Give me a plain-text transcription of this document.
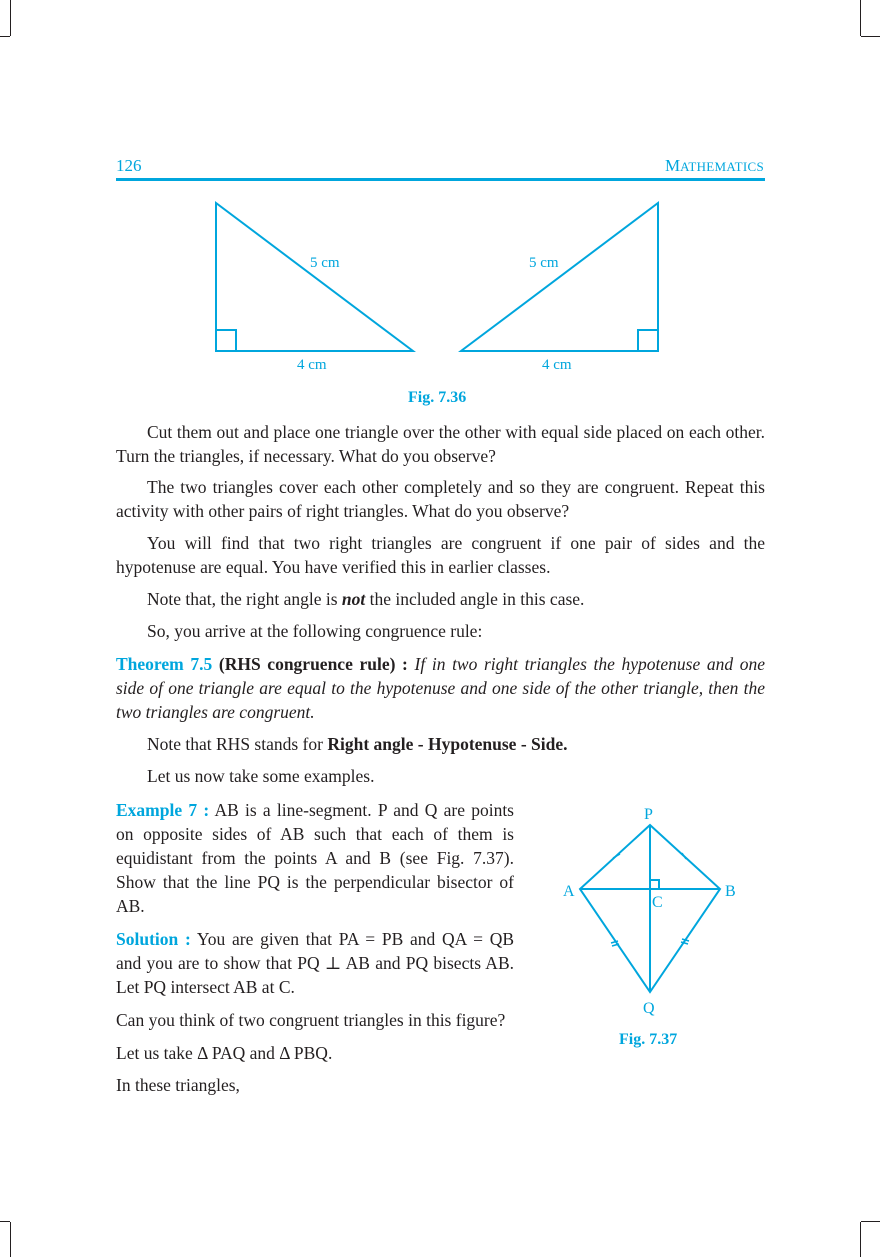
126	MATHEMATICS
5 cm
4 cm
5 cm
4 cm
Fig. 7.36

Cut them out and place one triangle over the other with equal side placed on each other. Turn the triangles, if necessary. What do you observe?

The two triangles cover each other completely and so they are congruent. Repeat this activity with other pairs of right triangles. What do you observe?

You will find that two right triangles are congruent if one pair of sides and the hypotenuse are equal. You have verified this in earlier classes.

Note that, the right angle is not the included angle in this case.

So, you arrive at the following congruence rule:

Theorem 7.5 (RHS congruence rule) : If in two right triangles the hypotenuse and one side of one triangle are equal to the hypotenuse and one side of the other triangle, then the two triangles are congruent.

Note that RHS stands for Right angle - Hypotenuse - Side.

Let us now take some examples.

Example 7 : AB is a line-segment. P and Q are points on opposite sides of AB such that each of them is equidistant from the points A and B (see Fig. 7.37). Show that the line PQ is the perpendicular bisector of AB.

Solution : You are given that PA = PB and QA = QB and you are to show that PQ ⊥ AB and PQ bisects AB. Let PQ intersect AB at C.

Can you think of two congruent triangles in this figure?

Let us take Δ PAQ and Δ PBQ.

In these triangles,

P
A	B
C
Q
Fig. 7.37
